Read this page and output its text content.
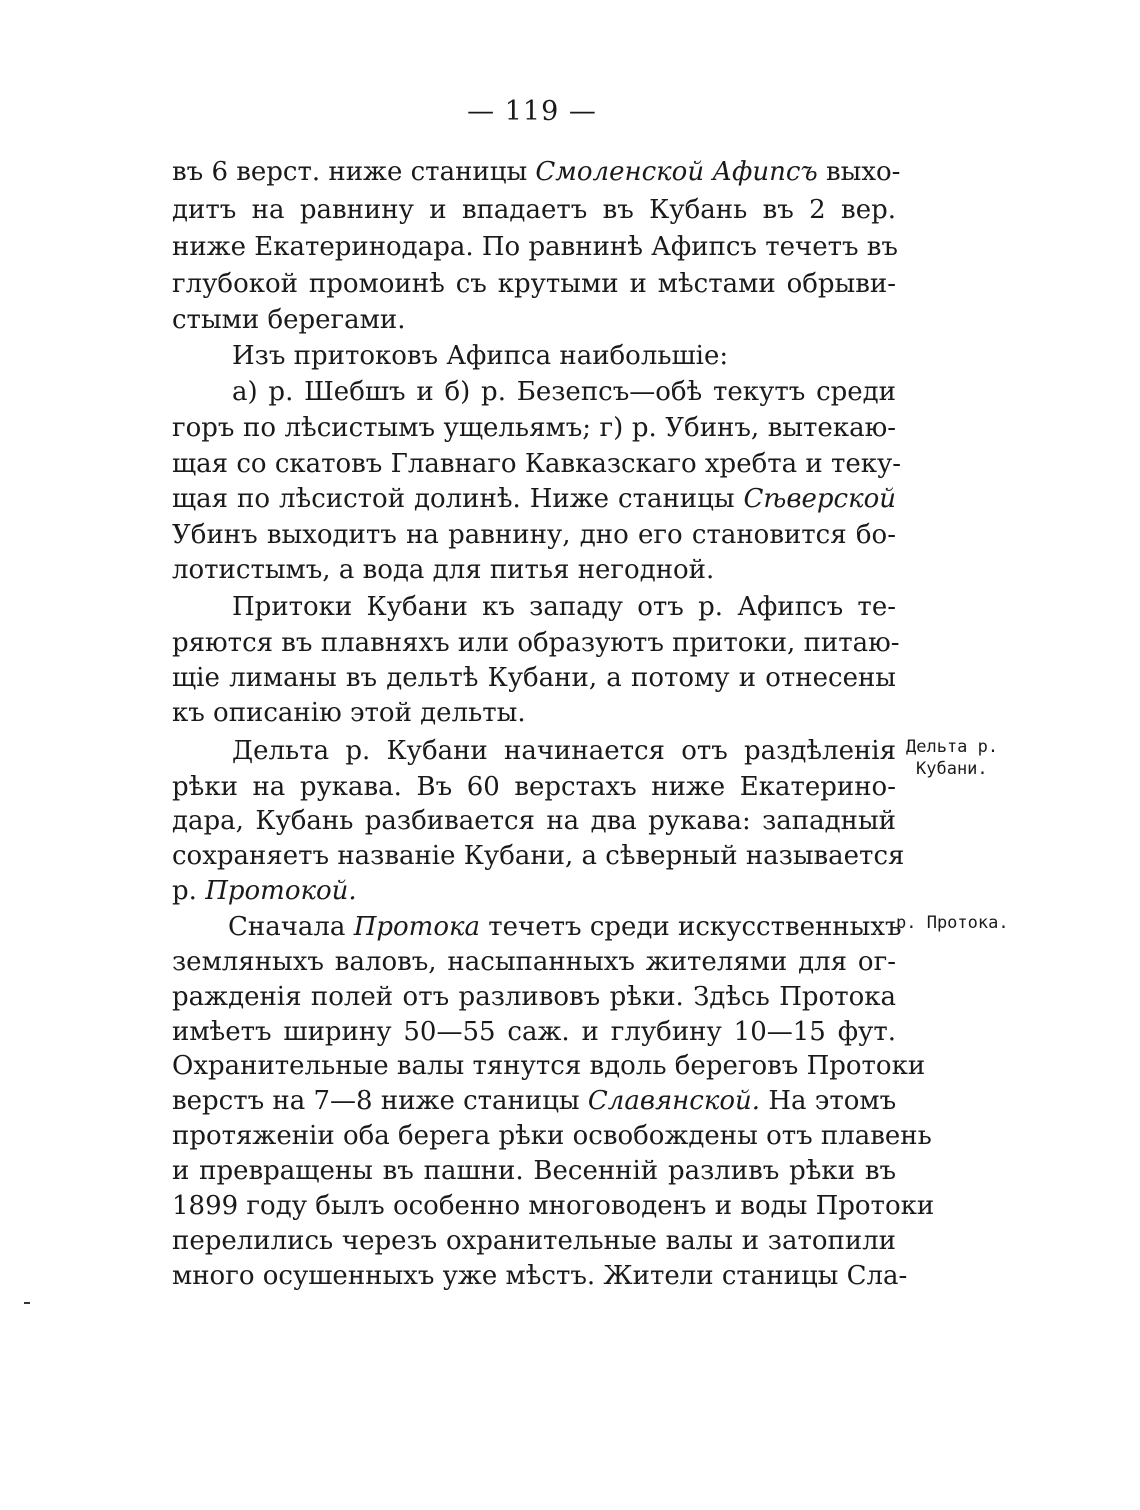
— 119 —
въ 6 верст. ниже станицы Смоленской Афипсъ выхо-
дитъ на равнину и впадаетъ въ Кубань въ 2 вер.
ниже Екатеринодара. По равнинѣ Афипсъ течетъ въ
глубокой промоинѣ съ крутыми и мѣстами обрыви-
стыми берегами.
Изъ притоковъ Афипса наибольшіе:
а) р. Шебшъ и б) р. Безепсъ—обѣ текутъ среди
горъ по лѣсистымъ ущельямъ; г) р. Убинъ, вытекаю-
щая со скатовъ Главнаго Кавказскаго хребта и теку-
щая по лѣсистой долинѣ. Ниже станицы Сѣверской
Убинъ выходитъ на равнину, дно его становится бо-
лотистымъ, а вода для питья негодной.
Притоки Кубани къ западу отъ р. Афипсъ те-
ряются въ плавняхъ или образуютъ притоки, питаю-
щіе лиманы въ дельтѣ Кубани, а потому и отнесены
къ описанію этой дельты.
Дельта р. Кубани начинается отъ раздѣленія
рѣки на рукава. Въ 60 верстахъ ниже Екатерино-
дара, Кубань разбивается на два рукава: западный
сохраняетъ названіе Кубани, а сѣверный называется
р. Протокой.
Сначала Протока течетъ среди искусственныхъ
земляныхъ валовъ, насыпанныхъ жителями для ог-
ражденія полей отъ разливовъ рѣки. Здѣсь Протока
имѣетъ ширину 50—55 саж. и глубину 10—15 фут.
Охранительные валы тянутся вдоль береговъ Протоки
верстъ на 7—8 ниже станицы Славянской. На этомъ
протяженіи оба берега рѣки освобождены отъ плавень
и превращены въ пашни. Весенній разливъ рѣки въ
1899 году былъ особенно многоводенъ и воды Протоки
перелились черезъ охранительные валы и затопили
много осушенныхъ уже мѣстъ. Жители станицы Сла-
Дельта р.
Кубани.
р. Протока.
